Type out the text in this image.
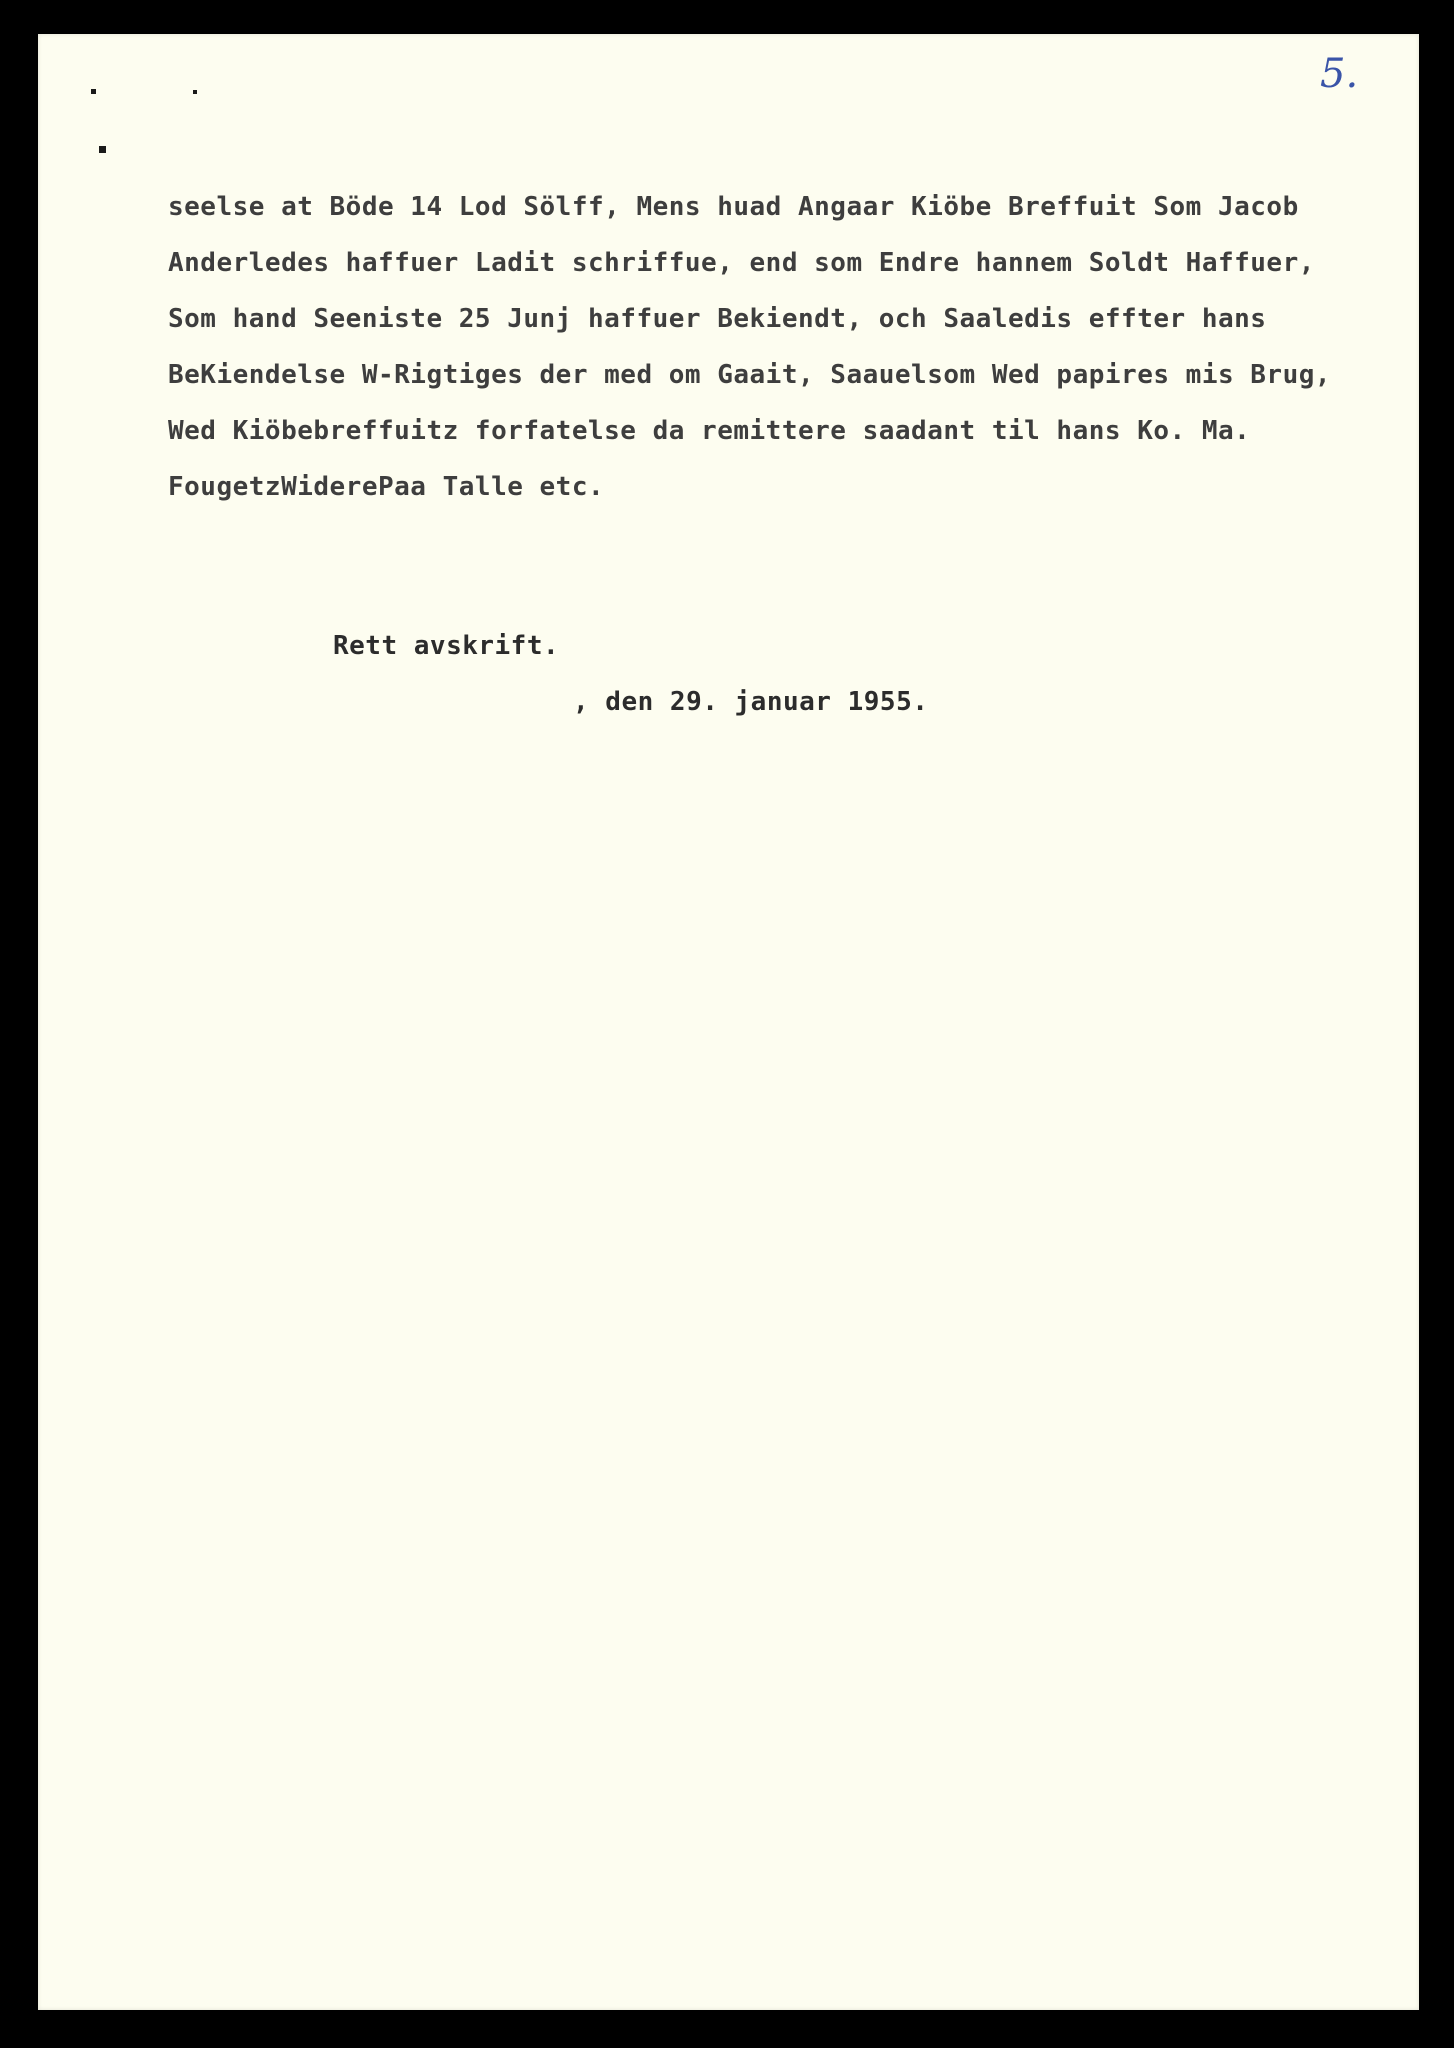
5.
seelse at Böde 14 Lod Sölff, Mens huad Angaar Kiöbe Breffuit Som Jacob
Anderledes haffuer Ladit schriffue, end som Endre hannem Soldt Haffuer,
Som hand Seeniste 25 Junj haffuer Bekiendt, och Saaledis effter hans
BeKiendelse W-Rigtiges der med om Gaait, Saauelsom Wed papires mis Brug,
Wed Kiöbebreffuitz forfatelse da remittere saadant til hans Ko. Ma.
FougetzWiderePaa Talle etc.
Rett avskrift.
, den 29. januar 1955.
